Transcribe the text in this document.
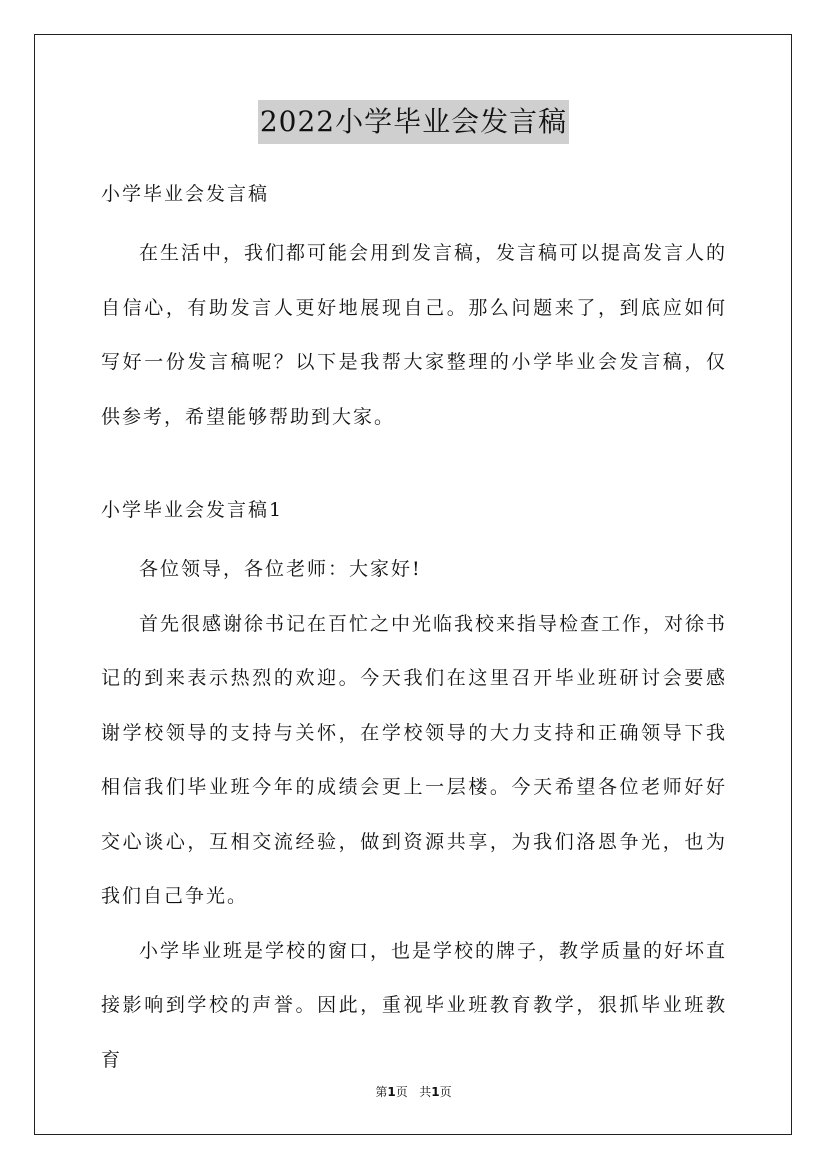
2022小学毕业会发言稿

小学毕业会发言稿

在生活中，我们都可能会用到发言稿，发言稿可以提高发言人的自信心，有助发言人更好地展现自己。那么问题来了，到底应如何写好一份发言稿呢？以下是我帮大家整理的小学毕业会发言稿，仅供参考，希望能够帮助到大家。

小学毕业会发言稿1

各位领导，各位老师：大家好!

首先很感谢徐书记在百忙之中光临我校来指导检查工作，对徐书记的到来表示热烈的欢迎。今天我们在这里召开毕业班研讨会要感谢学校领导的支持与关怀，在学校领导的大力支持和正确领导下我相信我们毕业班今年的成绩会更上一层楼。今天希望各位老师好好交心谈心，互相交流经验，做到资源共享，为我们洛恩争光，也为我们自己争光。

小学毕业班是学校的窗口，也是学校的牌子，教学质量的好坏直接影响到学校的声誉。因此，重视毕业班教育教学，狠抓毕业班教育

第1页 共1页
